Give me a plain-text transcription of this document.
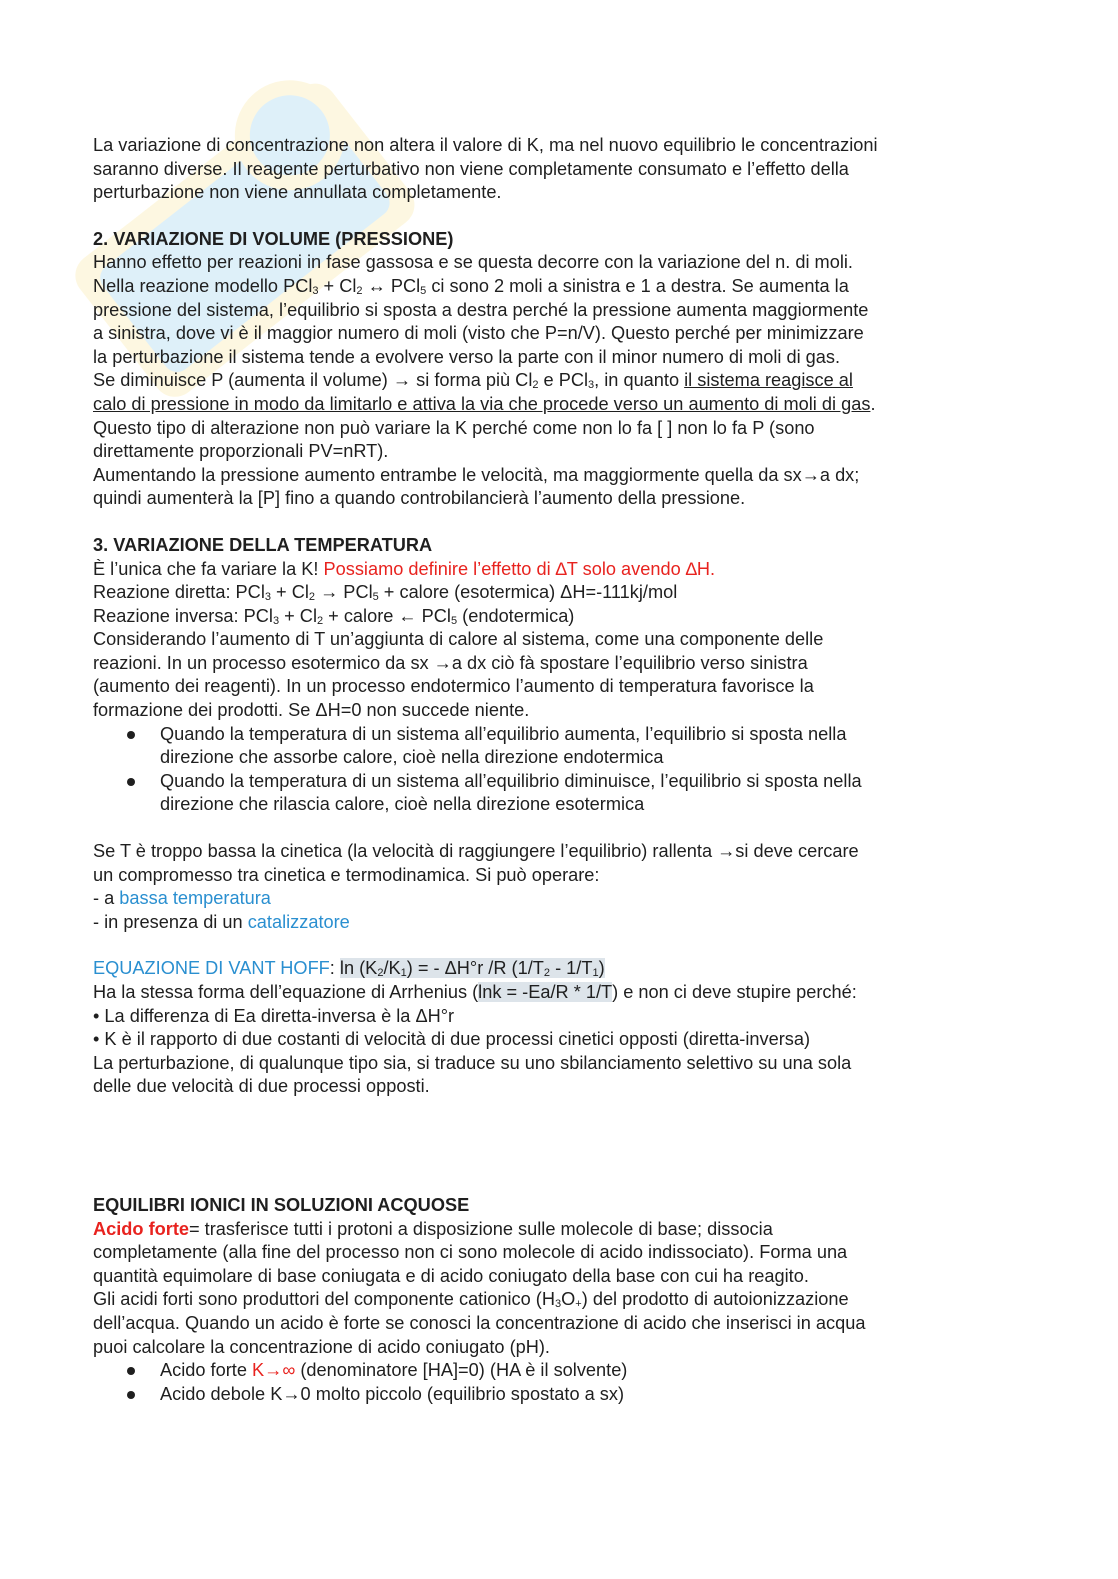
La variazione di concentrazione non altera il valore di K, ma nel nuovo equilibrio le concentrazioni

saranno diverse. Il reagente perturbativo non viene completamente consumato e l’effetto della

perturbazione non viene annullata completamente.

2. VARIAZIONE DI VOLUME (PRESSIONE)

Hanno effetto per reazioni in fase gassosa e se questa decorre con la variazione del n. di moli.

Nella reazione modello $PCl_3 + Cl_2$ ↔ PCl$_5$ ci sono 2 moli a sinistra e 1 a destra. Se aumenta la

pressione del sistema, l’equilibrio si sposta a destra perché la pressione aumenta maggiormente

a sinistra, dove vi è il maggior numero di moli (visto che P=n/V). Questo perché per minimizzare

la perturbazione il sistema tende a evolvere verso la parte con il minor numero di moli di gas.

Se diminuisce P (aumenta il volume) → si forma più $Cl_2$ e PCl$_3$, in quanto il sistema reagisce al

calo di pressione in modo da limitarlo e attiva la via che procede verso un aumento di moli di gas.

Questo tipo di alterazione non può variare la K perché come non lo fa [ ] non lo fa P (sono

direttamente proporzionali PV=nRT).

Aumentando la pressione aumento entrambe le velocità, ma maggiormente quella da sx→a dx;

quindi aumenterà la [P] fino a quando controbilancierà l’aumento della pressione.

3. VARIAZIONE DELLA TEMPERATURA

È l’unica che fa variare la K! Possiamo definire l’effetto di ∆T solo avendo ∆H.

Reazione diretta: $PCl_3 + Cl_2 \to PCl_5$ + calore (esotermica) ΔH=-111kj/mol

Reazione inversa: $PCl_3 + Cl_2$ + calore ← PCl$_5$ (endotermica)

Considerando l’aumento di T un’aggiunta di calore al sistema, come una componente delle

reazioni. In un processo esotermico da sx →a dx ciò fà spostare l’equilibrio verso sinistra

(aumento dei reagenti). In un processo endotermico l’aumento di temperatura favorisce la

formazione dei prodotti. Se ΔH=0 non succede niente.

Quando la temperatura di un sistema all’equilibrio aumenta, l’equilibrio si sposta nella
direzione che assorbe calore, cioè nella direzione endotermica
Quando la temperatura di un sistema all’equilibrio diminuisce, l’equilibrio si sposta nella
direzione che rilascia calore, cioè nella direzione esotermica

Se T è troppo bassa la cinetica (la velocità di raggiungere l’equilibrio) rallenta →si deve cercare

un compromesso tra cinetica e termodinamica. Si può operare:

- a bassa temperatura

- in presenza di un catalizzatore

EQUAZIONE DI VANT HOFF: $\ln (K_2/K_1)$ = - ΔH°r /R $(1/T_2 - 1/T_1)$

Ha la stessa forma dell’equazione di Arrhenius (lnk = -Ea/R * 1/T) e non ci deve stupire perché:

• La differenza di Ea diretta-inversa è la ΔH°r

• K è il rapporto di due costanti di velocità di due processi cinetici opposti (diretta-inversa)

La perturbazione, di qualunque tipo sia, si traduce su uno sbilanciamento selettivo su una sola

delle due velocità di due processi opposti.

EQUILIBRI IONICI IN SOLUZIONI ACQUOSE

Acido forte= trasferisce tutti i protoni a disposizione sulle molecole di base; dissocia

completamente (alla fine del processo non ci sono molecole di acido indissociato). Forma una

quantità equimolare di base coniugata e di acido coniugato della base con cui ha reagito.

Gli acidi forti sono produttori del componente cationico $(H_3O_+)$ del prodotto di autoionizzazione

dell’acqua. Quando un acido è forte se conosci la concentrazione di acido che inserisci in acqua

puoi calcolare la concentrazione di acido coniugato (pH).

Acido forte K→∞ (denominatore [HA]=0) (HA è il solvente)
Acido debole K→0 molto piccolo (equilibrio spostato a sx)
